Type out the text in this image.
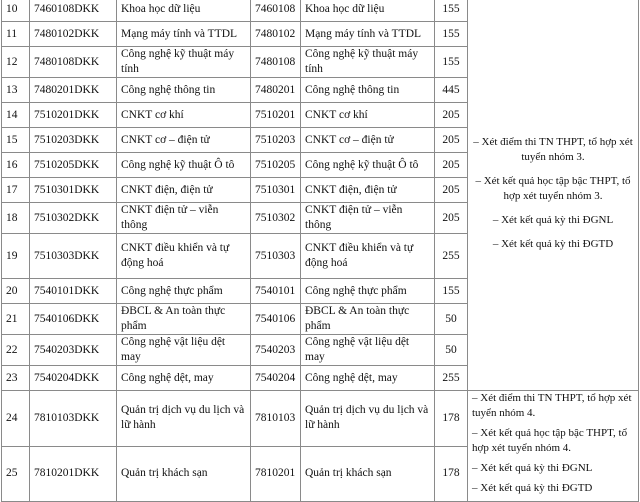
10	7460108DKK	Khoa học dữ liệu	7460108	Khoa học dữ liệu	155	– Xét điểm thi TN THPT, tổ hợp xét tuyển nhóm 3.

– Xét kết quả học tập bậc THPT, tổ hợp xét tuyển nhóm 3.

– Xét kết quả kỳ thi ĐGNL

– Xét kết quả kỳ thi ĐGTD

11	7480102DKK	Mạng máy tính và TTDL	7480102	Mạng máy tính và TTDL	155	
12	7480108DKK	Công nghệ kỹ thuật máy tính	7480108	Công nghệ kỹ thuật máy tính	155	
13	7480201DKK	Công nghệ thông tin	7480201	Công nghệ thông tin	445	
14	7510201DKK	CNKT cơ khí	7510201	CNKT cơ khí	205	
15	7510203DKK	CNKT cơ – điện tử	7510203	CNKT cơ – điện tử	205	
16	7510205DKK	Công nghệ kỹ thuật Ô tô	7510205	Công nghệ kỹ thuật Ô tô	205	
17	7510301DKK	CNKT điện, điện tử	7510301	CNKT điện, điện tử	205	
18	7510302DKK	CNKT điện tử – viễn thông	7510302	CNKT điện tử – viễn thông	205	
19	7510303DKK	CNKT điều khiển và tự động hoá	7510303	CNKT điều khiển và tự động hoá	255	
20	7540101DKK	Công nghệ thực phẩm	7540101	Công nghệ thực phẩm	155	
21	7540106DKK	ĐBCL & An toàn thực phẩm	7540106	ĐBCL & An toàn thực phẩm	50	
22	7540203DKK	Công nghệ vật liệu dệt may	7540203	Công nghệ vật liệu dệt may	50	
23	7540204DKK	Công nghệ dệt, may	7540204	Công nghệ dệt, may	255	
24	7810103DKK	Quản trị dịch vụ du lịch và lữ hành	7810103	Quản trị dịch vụ du lịch và lữ hành	178	– Xét điểm thi TN THPT, tổ hợp xét tuyển nhóm 4.

– Xét kết quả học tập bậc THPT, tổ hợp xét tuyển nhóm 4.

– Xét kết quả kỳ thi ĐGNL

– Xét kết quả kỳ thi ĐGTD

25	7810201DKK	Quản trị khách sạn	7810201	Quản trị khách sạn	178	
